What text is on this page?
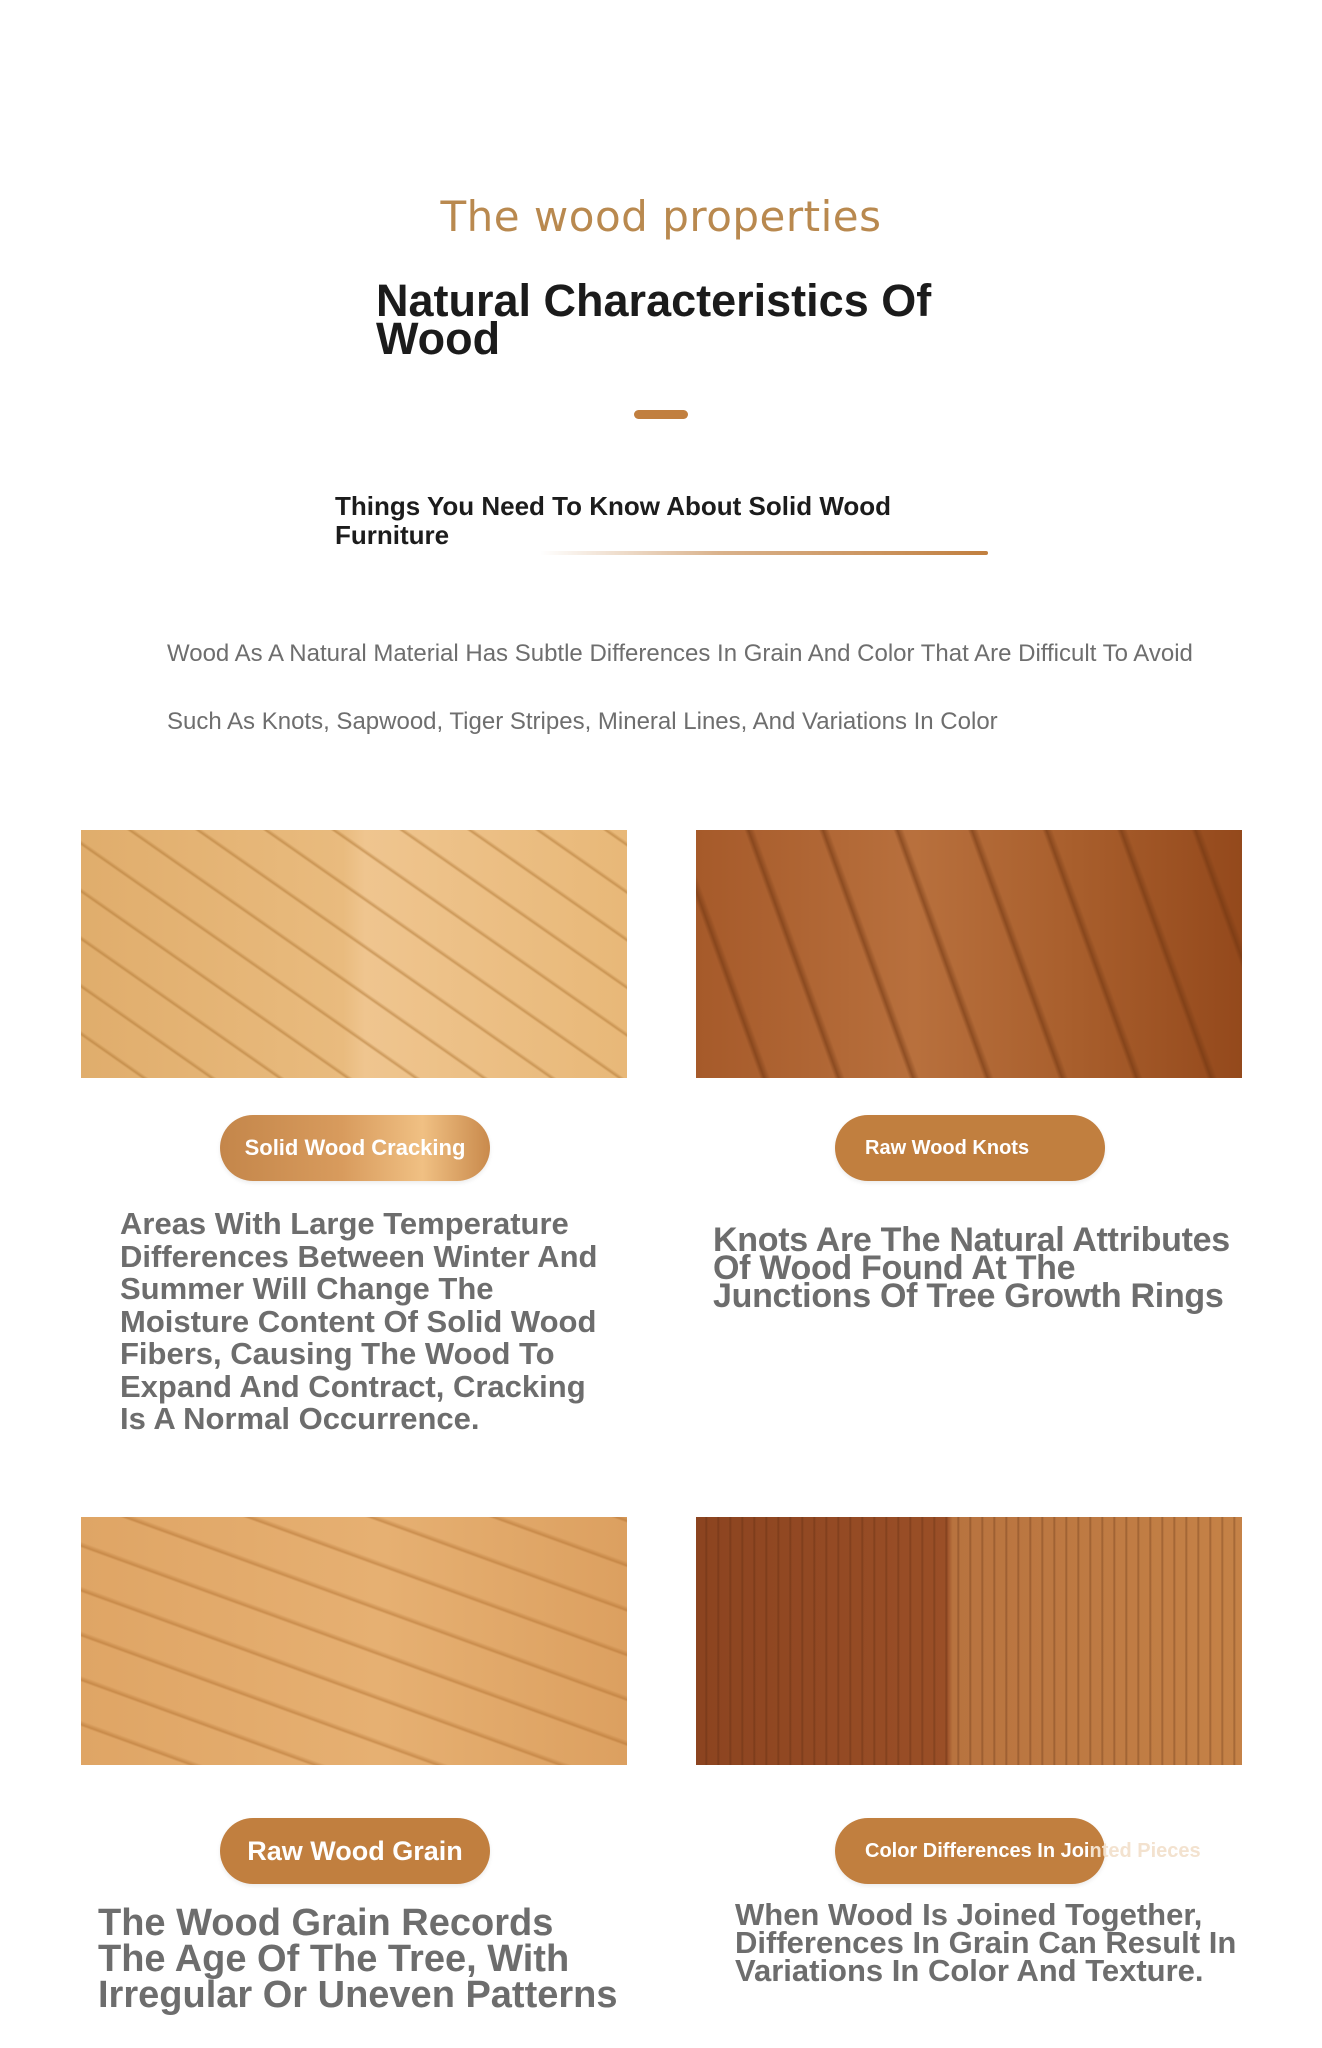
The wood properties
Natural Characteristics Of Wood
Things You Need To Know About Solid Wood Furniture
Wood As A Natural Material Has Subtle Differences In Grain And Color That Are Difficult To Avoid Such As Knots, Sapwood, Tiger Stripes, Mineral Lines, And Variations In Color
Solid Wood Cracking
Areas With Large Temperature Differences Between Winter And Summer Will Change The Moisture Content Of Solid Wood Fibers, Causing The Wood To Expand And Contract, Cracking Is A Normal Occurrence.
Raw Wood Knots
Knots Are The Natural Attributes Of Wood Found At The Junctions Of Tree Growth Rings
Raw Wood Grain
The Wood Grain Records The Age Of The Tree, With Irregular Or Uneven Patterns
Color Differences In Joi nted Pieces
When Wood Is Joined Together, Differences In Grain Can Result In Variations In Color And Texture.
